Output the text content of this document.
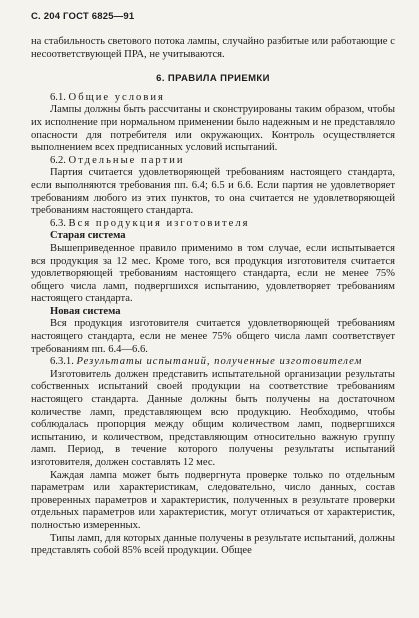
С. 204 ГОСТ 6825—91

на стабильность светового потока лампы, случайно разбитые или работающие с несоответствующей ПРА, не учитываются.

6. ПРАВИЛА ПРИЕМКИ
6.1. Общие условия

Лампы должны быть рассчитаны и сконструированы таким образом, чтобы их исполнение при нормальном применении было надежным и не представляло опасности для потребителя или окружающих. Контроль осуществляется выполнением всех предписанных условий испытаний.

6.2. Отдельные партии

Партия считается удовлетворяющей требованиям настоящего стандарта, если выполняются требования пп. 6.4; 6.5 и 6.6. Если партия не удовлетворяет требованиям любого из этих пунктов, то она считается не удовлетворяющей требованиям настоящего стандарта.

6.3. Вся продукция изготовителя
Старая система

Вышеприведенное правило применимо в том случае, если испытывается вся продукция за 12 мес. Кроме того, вся продукция изготовителя считается удовлетворяющей требованиям настоящего стандарта, если не менее 75% общего числа ламп, подвергшихся испытанию, удовлетворяет требованиям настоящего стандарта.

Новая система

Вся продукция изготовителя считается удовлетворяющей требованиям настоящего стандарта, если не менее 75% общего числа ламп соответствует требованиям пп. 6.4—6.6.

6.3.1. Результаты испытаний, полученные изготовителем

Изготовитель должен представить испытательной организации результаты собственных испытаний своей продукции на соответствие требованиям настоящего стандарта. Данные должны быть получены на достаточном количестве ламп, представляющем всю продукцию. Необходимо, чтобы соблюдалась пропорция между общим количеством ламп, подвергшихся испытанию, и количеством, представляющим относительно важную группу ламп. Период, в течение которого получены результаты испытаний изготовителя, должен составлять 12 мес.

Каждая лампа может быть подвергнута проверке только по отдельным параметрам или характеристикам, следовательно, число данных, состав проверенных параметров и характеристик, полученных в результате проверки отдельных параметров или характеристик, могут отличаться от характеристик, полностью измеренных.

Типы ламп, для которых данные получены в результате испытаний, должны представлять собой 85% всей продукции. Общее
